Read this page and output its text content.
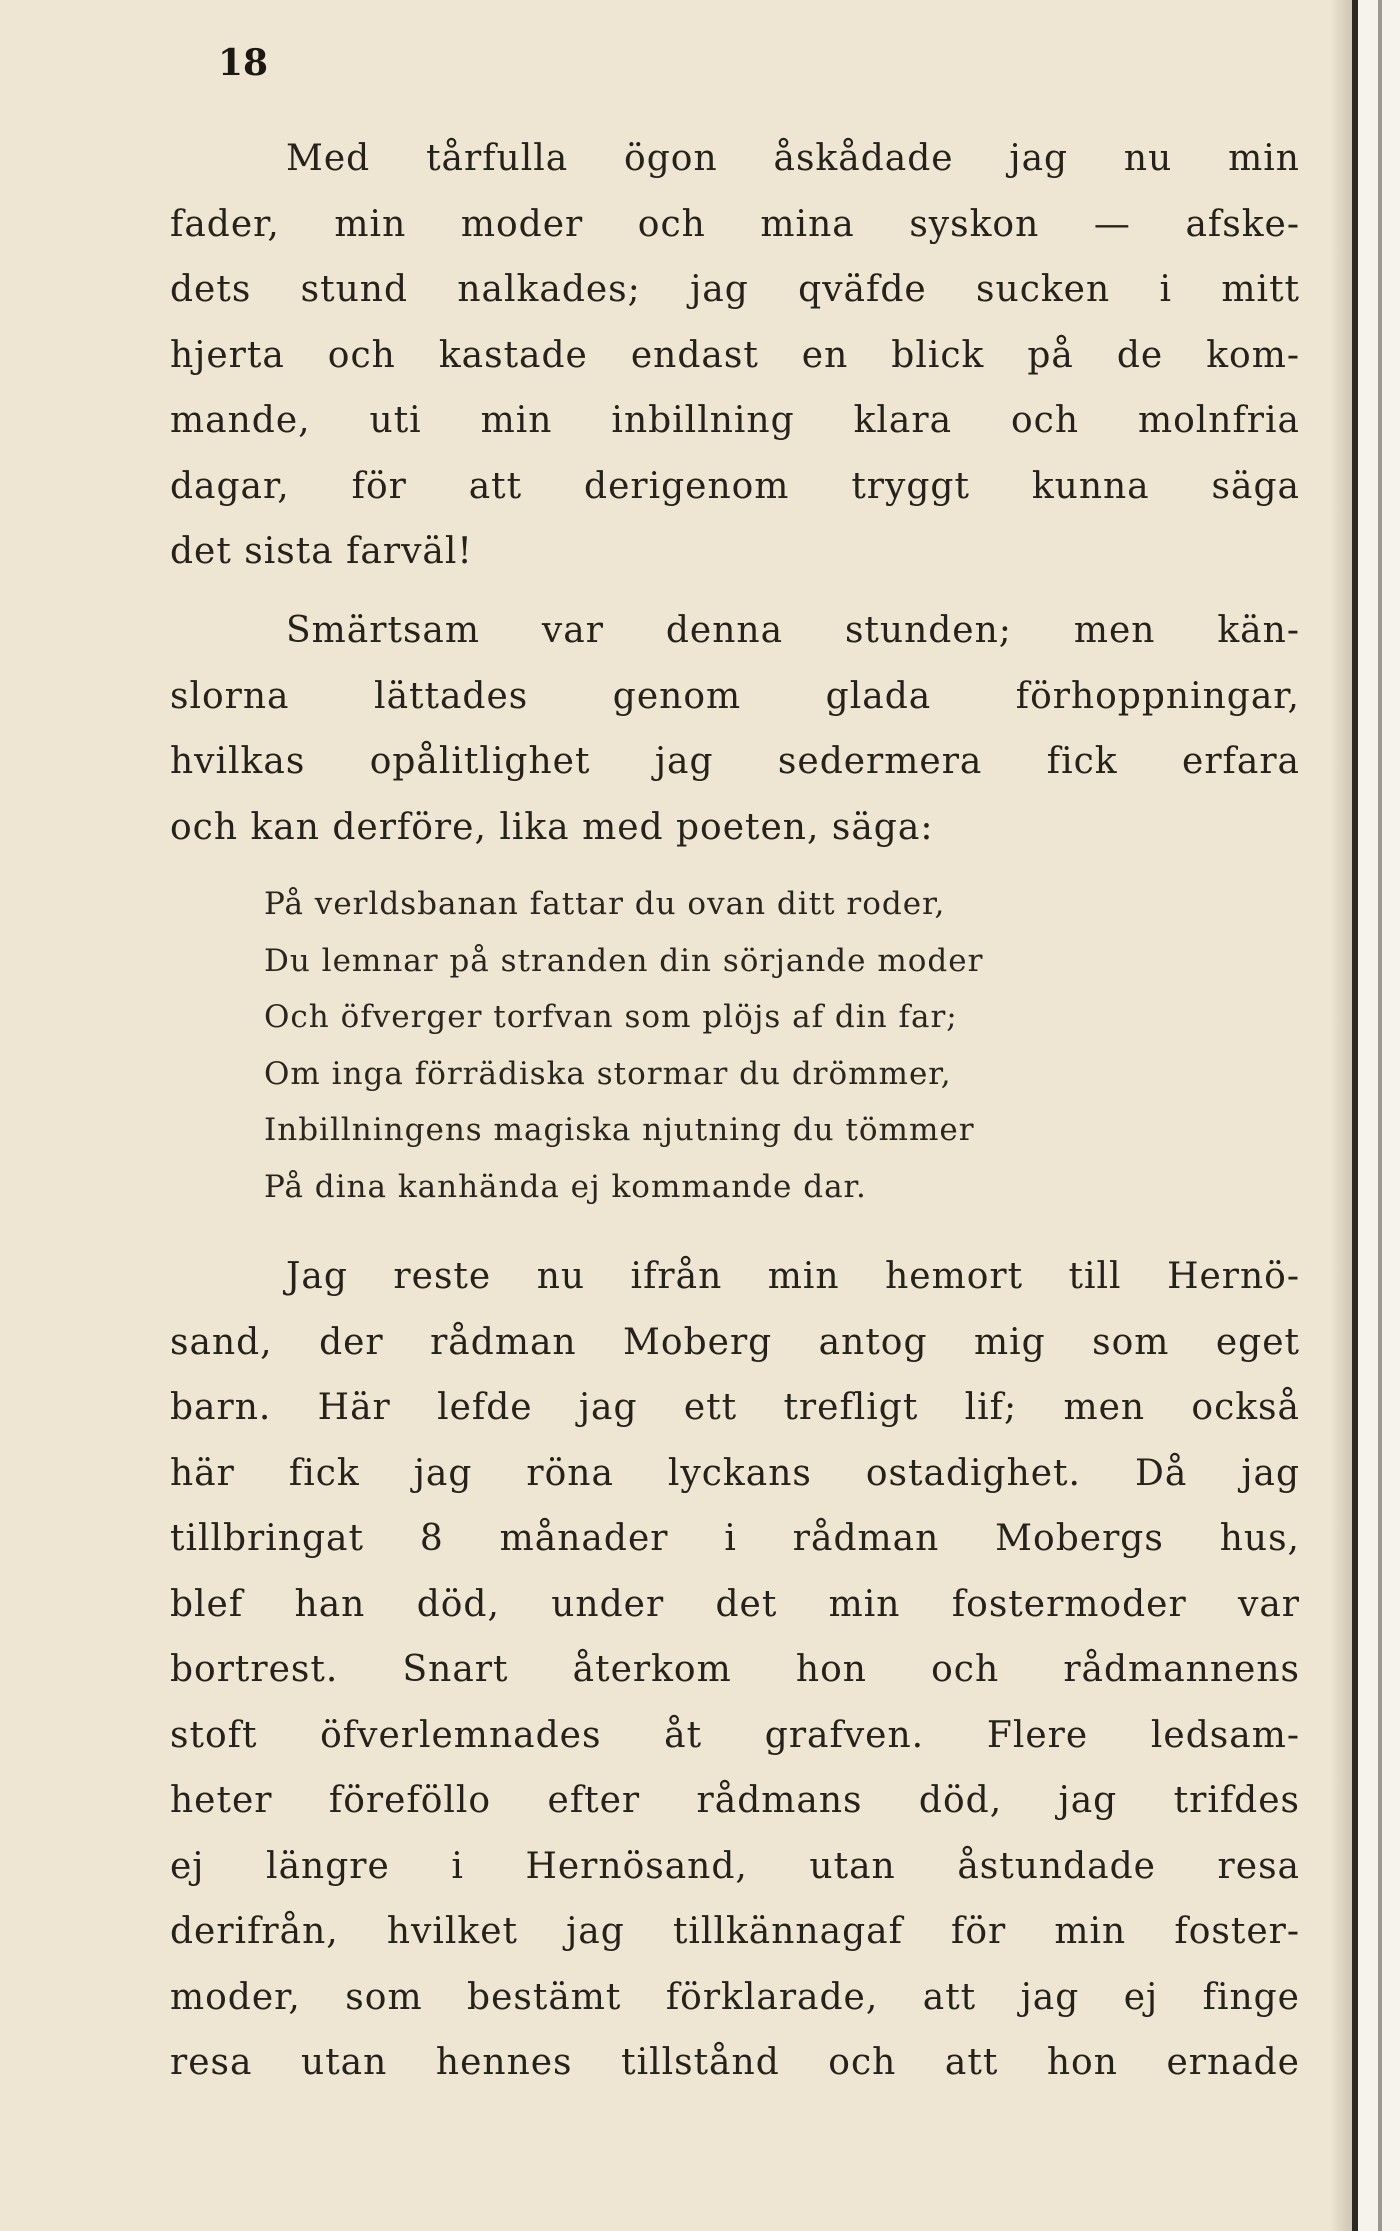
18
Med tårfulla ögon åskådade jag nu min
fader, min moder och mina syskon — afske-
dets stund nalkades; jag qväfde sucken i mitt
hjerta och kastade endast en blick på de kom-
mande, uti min inbillning klara och molnfria
dagar, för att derigenom tryggt kunna säga
det sista farväl!
Smärtsam var denna stunden; men kän-
slorna lättades genom glada förhoppningar,
hvilkas opålitlighet jag sedermera fick erfara
och kan derföre, lika med poeten, säga:
På verldsbanan fattar du ovan ditt roder,
Du lemnar på stranden din sörjande moder
Och öfverger torfvan som plöjs af din far;
Om inga förrädiska stormar du drömmer,
Inbillningens magiska njutning du tömmer
På dina kanhända ej kommande dar.
Jag reste nu ifrån min hemort till Hernö-
sand, der rådman Moberg antog mig som eget
barn. Här lefde jag ett trefligt lif; men också
här fick jag röna lyckans ostadighet. Då jag
tillbringat 8 månader i rådman Mobergs hus,
blef han död, under det min fostermoder var
bortrest. Snart återkom hon och rådmannens
stoft öfverlemnades åt grafven. Flere ledsam-
heter föreföllo efter rådmans död, jag trifdes
ej längre i Hernösand, utan åstundade resa
derifrån, hvilket jag tillkännagaf för min foster-
moder, som bestämt förklarade, att jag ej finge
resa utan hennes tillstånd och att hon ernade
